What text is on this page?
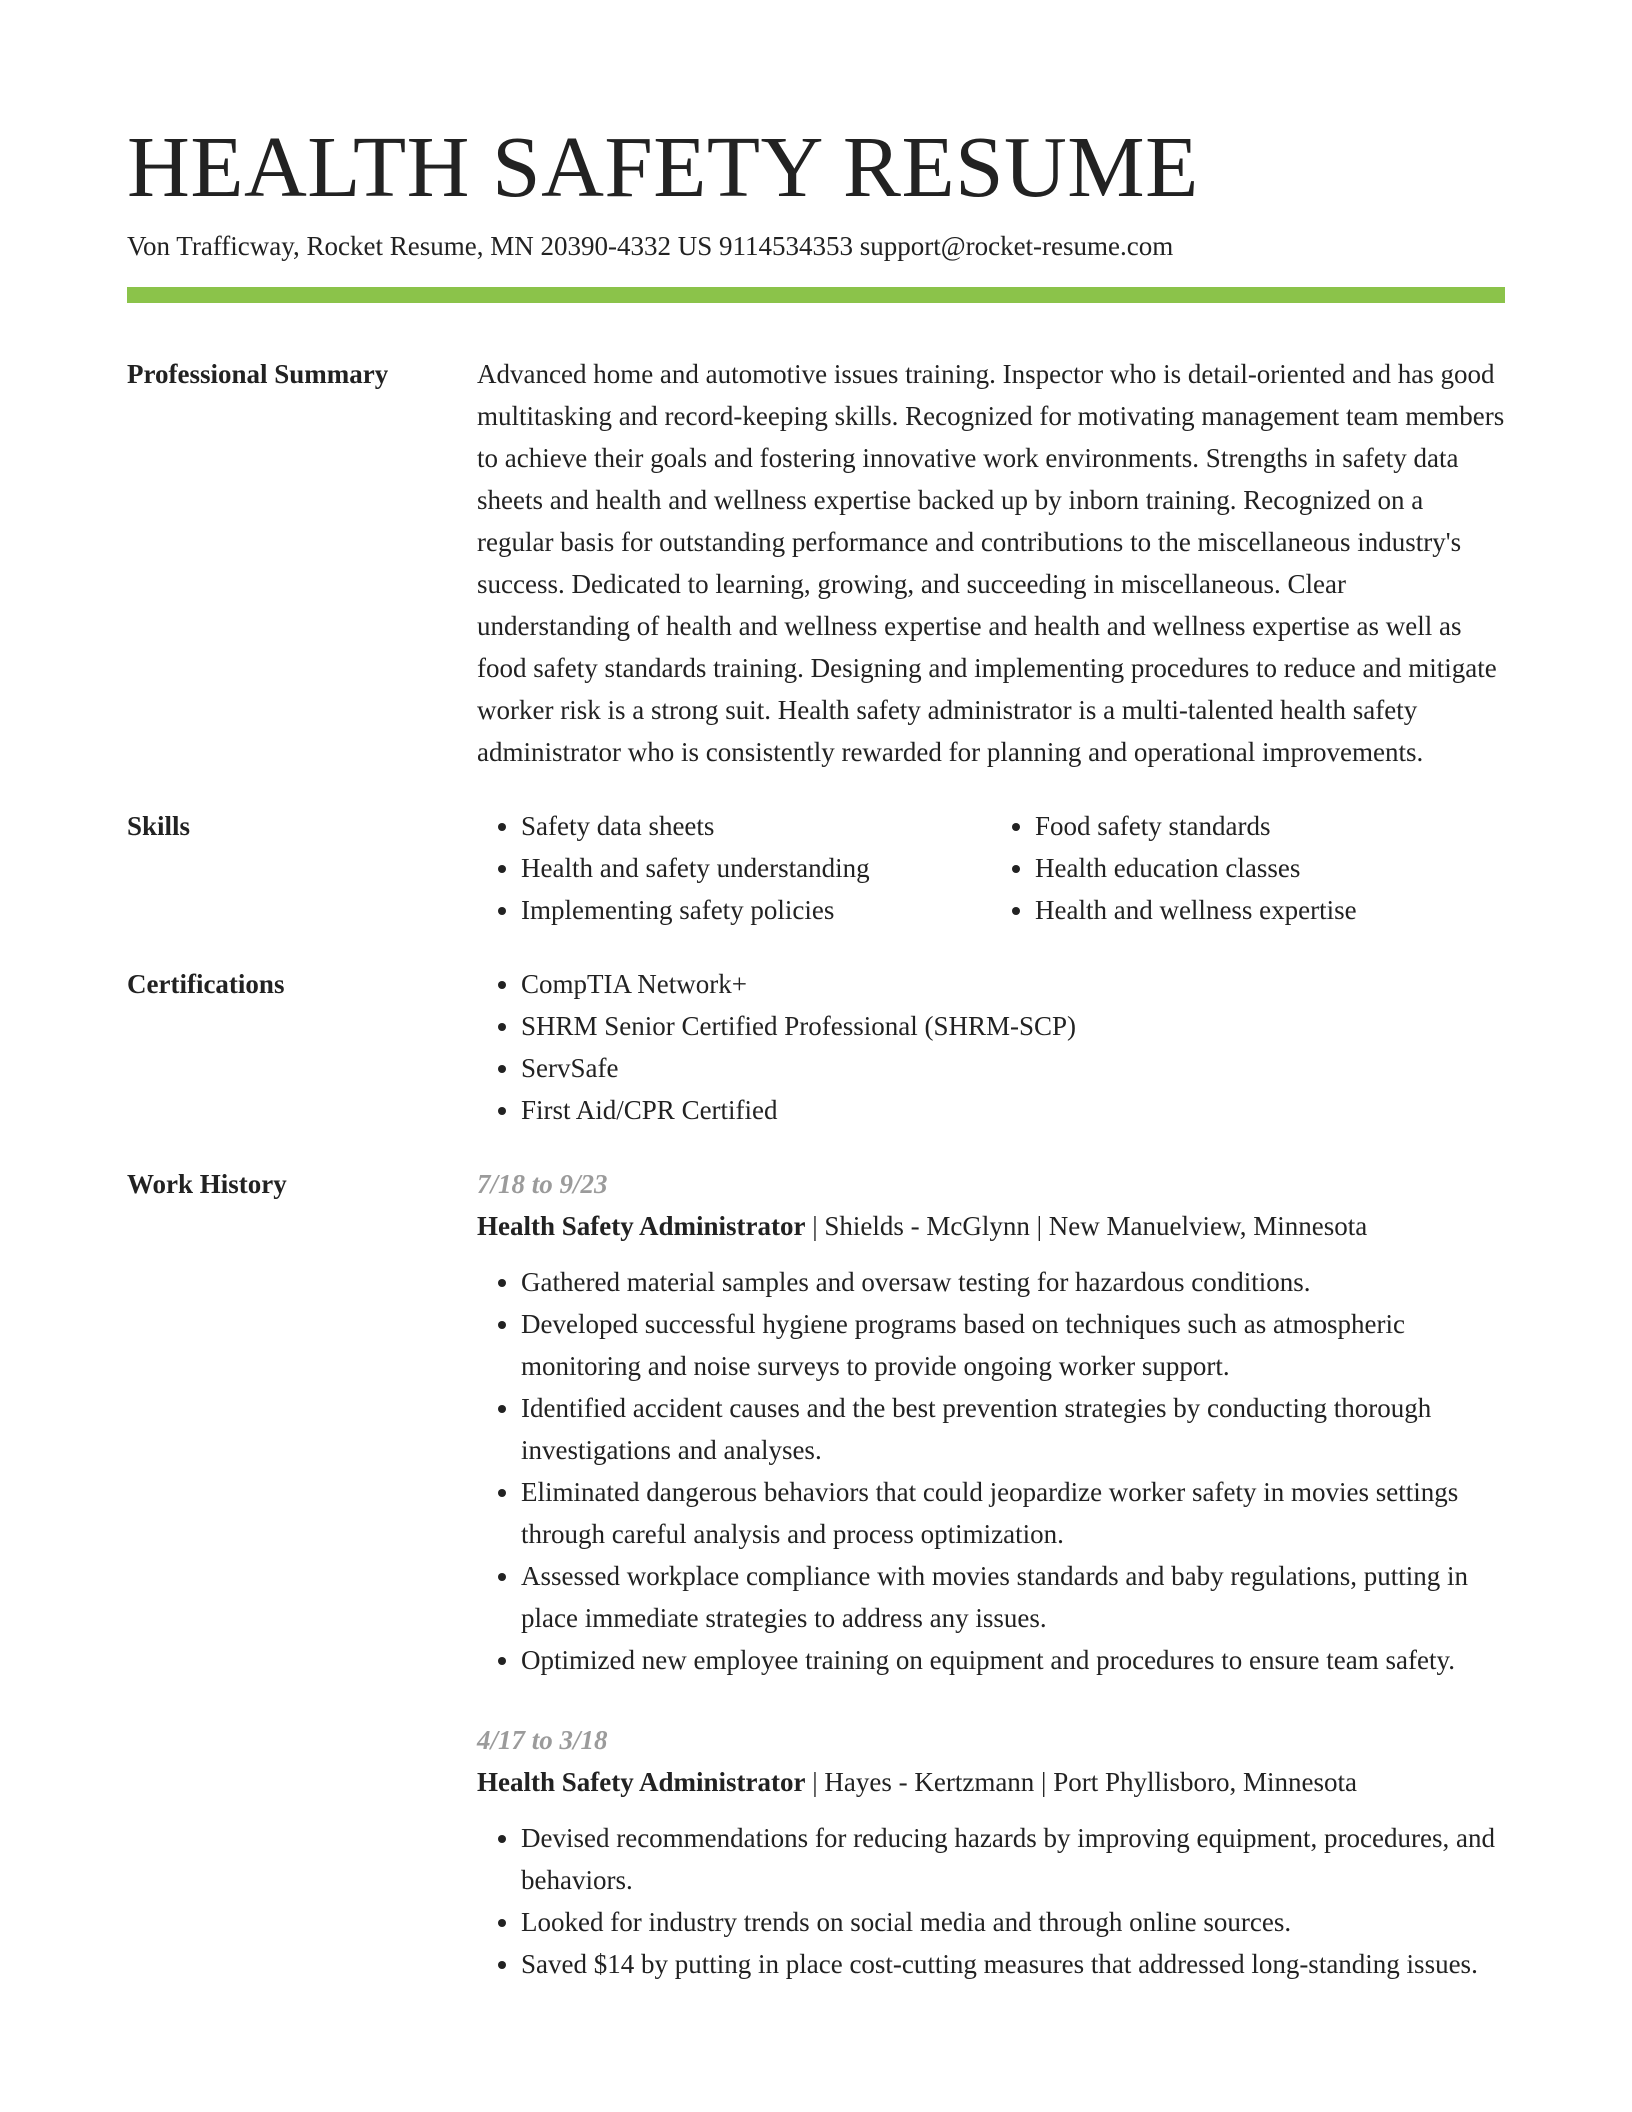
HEALTH SAFETY RESUME
Von Trafficway, Rocket Resume, MN 20390-4332 US 9114534353 support@rocket-resume.com
Professional Summary	Advanced home and automotive issues training. Inspector who is detail-oriented and has good multitasking and record-keeping skills. Recognized for motivating management team members to achieve their goals and fostering innovative work environments. Strengths in safety data sheets and health and wellness expertise backed up by inborn training. Recognized on a regular basis for outstanding performance and contributions to the miscellaneous industry's success. Dedicated to learning, growing, and succeeding in miscellaneous. Clear understanding of health and wellness expertise and health and wellness expertise as well as food safety standards training. Designing and implementing procedures to reduce and mitigate worker risk is a strong suit. Health safety administrator is a multi-talented health safety administrator who is consistently rewarded for planning and operational improvements.

Skills	• Safety data sheets
• Health and safety understanding
• Implementing safety policies
• Food safety standards
• Health education classes
• Health and wellness expertise
Certifications	• CompTIA Network+
• SHRM Senior Certified Professional (SHRM-SCP)
• ServSafe
• First Aid/CPR Certified
Work History	7/18 to 9/23
Health Safety Administrator | Shields - McGlynn | New Manuelview, Minnesota
• Gathered material samples and oversaw testing for hazardous conditions.
• Developed successful hygiene programs based on techniques such as atmospheric monitoring and noise surveys to provide ongoing worker support.
• Identified accident causes and the best prevention strategies by conducting thorough investigations and analyses.
• Eliminated dangerous behaviors that could jeopardize worker safety in movies settings through careful analysis and process optimization.
• Assessed workplace compliance with movies standards and baby regulations, putting in place immediate strategies to address any issues.
• Optimized new employee training on equipment and procedures to ensure team safety.
4/17 to 3/18
Health Safety Administrator | Hayes - Kertzmann | Port Phyllisboro, Minnesota
• Devised recommendations for reducing hazards by improving equipment, procedures, and behaviors.
• Looked for industry trends on social media and through online sources.
• Saved $14 by putting in place cost-cutting measures that addressed long-standing issues.
